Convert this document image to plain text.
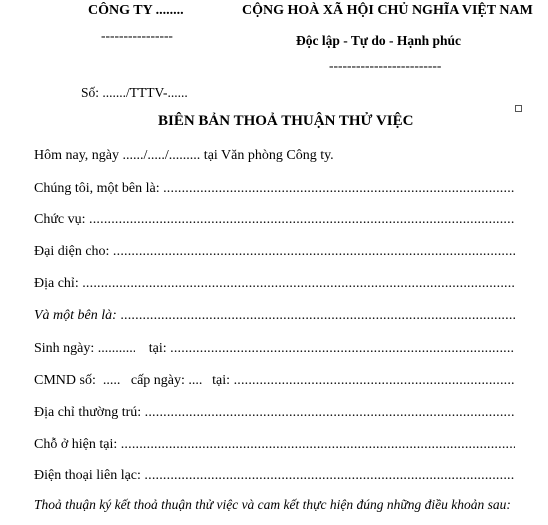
CÔNG TY ........
----------------
CỘNG HOÀ XÃ HỘI CHỦ NGHĨA VIỆT NAM
Độc lập - Tự do - Hạnh phúc
-------------------------
Số: ......./TTTV-......
BIÊN BẢN THOẢ THUẬN THỬ VIỆC
Hôm nay, ngày ....../...../......... tại Văn phòng Công ty.
Chúng tôi, một bên là:

.....
Chức vụ:

.....
Đại diện cho:

.....
Địa chỉ:

.....
Và một bên là:

.....
Sinh ngày:
.....
	tại:

.....
CMND số:
.....
	cấp ngày:
.....
tại:

.....
Địa chỉ thường trú:

.....
Chỗ ở hiện tại:

.....
Điện thoại liên lạc:

.....
Thoả thuận ký kết thoả thuận thử việc và cam kết thực hiện đúng những điều khoản sau:
